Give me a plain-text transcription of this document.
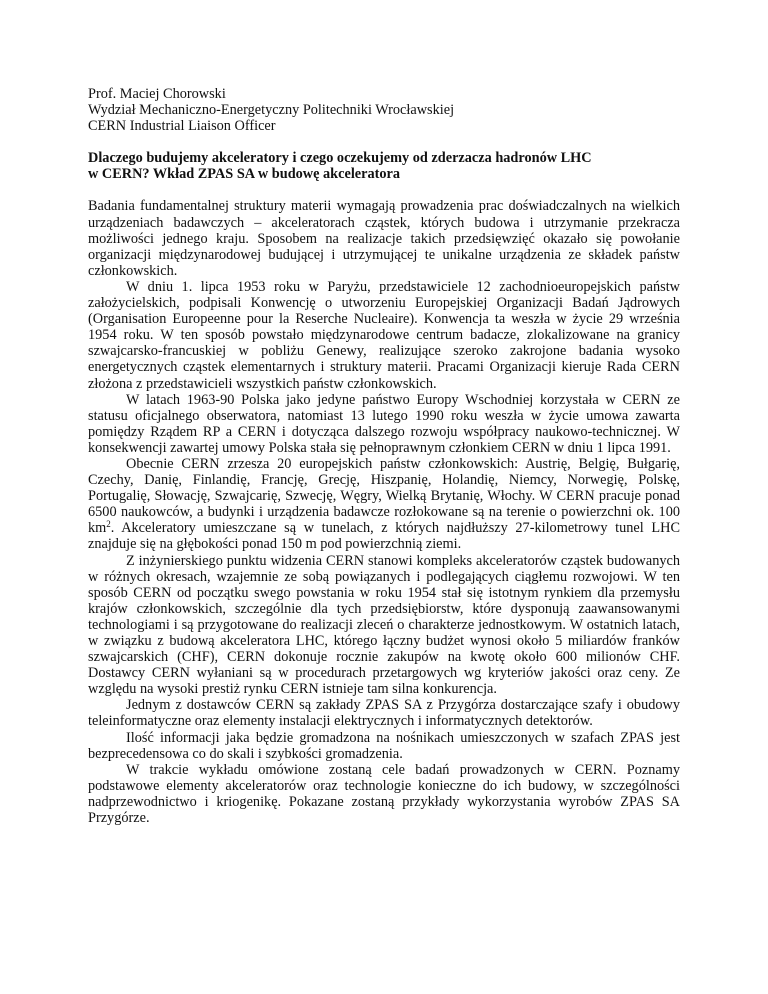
Prof. Maciej Chorowski

Wydział Mechaniczno-Energetyczny Politechniki Wrocławskiej

CERN Industrial Liaison Officer

Dlaczego budujemy akceleratory i czego oczekujemy od zderzacza hadronów LHC

w CERN? Wkład ZPAS SA w budowę akceleratora

Badania fundamentalnej struktury materii wymagają prowadzenia prac doświadczalnych na wielkich urządzeniach badawczych – akceleratorach cząstek, których budowa i utrzymanie przekracza możliwości jednego kraju. Sposobem na realizacje takich przedsięwzięć okazało się powołanie organizacji międzynarodowej budującej i utrzymującej te unikalne urządzenia ze składek państw członkowskich.

W dniu 1. lipca 1953 roku w Paryżu, przedstawiciele 12 zachodnioeuropejskich państw założycielskich, podpisali Konwencję o utworzeniu Europejskiej Organizacji Badań Jądrowych (Organisation Europeenne pour la Reserche Nucleaire). Konwencja ta weszła w życie 29 września 1954 roku. W ten sposób powstało międzynarodowe centrum badacze, zlokalizowane na granicy szwajcarsko-francuskiej w pobliżu Genewy, realizujące szeroko zakrojone badania wysoko energetycznych cząstek elementarnych i struktury materii. Pracami Organizacji kieruje Rada CERN złożona z przedstawicieli wszystkich państw członkowskich.

W latach 1963-90 Polska jako jedyne państwo Europy Wschodniej korzystała w CERN ze statusu oficjalnego obserwatora, natomiast 13 lutego 1990 roku weszła w życie umowa zawarta pomiędzy Rządem RP a CERN i dotycząca dalszego rozwoju współpracy naukowo-technicznej. W konsekwencji zawartej umowy Polska stała się pełnoprawnym członkiem CERN w dniu 1 lipca 1991.

Obecnie CERN zrzesza 20 europejskich państw członkowskich: Austrię, Belgię, Bułgarię, Czechy, Danię, Finlandię, Francję, Grecję, Hiszpanię, Holandię, Niemcy, Norwegię, Polskę, Portugalię, Słowację, Szwajcarię, Szwecję, Węgry, Wielką Brytanię, Włochy. W CERN pracuje ponad 6500 naukowców, a budynki i urządzenia badawcze rozłokowane są na terenie o powierzchni ok. 100 $km^2$. Akceleratory umieszczane są w tunelach, z których najdłuższy 27-kilometrowy tunel LHC znajduje się na głębokości ponad 150 m pod powierzchnią ziemi.

Z inżynierskiego punktu widzenia CERN stanowi kompleks akceleratorów cząstek budowanych w różnych okresach, wzajemnie ze sobą powiązanych i podlegających ciągłemu rozwojowi. W ten sposób CERN od początku swego powstania w roku 1954 stał się istotnym rynkiem dla przemysłu krajów członkowskich, szczególnie dla tych przedsiębiorstw, które dysponują zaawansowanymi technologiami i są przygotowane do realizacji zleceń o charakterze jednostkowym. W ostatnich latach, w związku z budową akceleratora LHC, którego łączny budżet wynosi około 5 miliardów franków szwajcarskich (CHF), CERN dokonuje rocznie zakupów na kwotę około 600 milionów CHF. Dostawcy CERN wyłaniani są w procedurach przetargowych wg kryteriów jakości oraz ceny. Ze względu na wysoki prestiż rynku CERN istnieje tam silna konkurencja.

Jednym z dostawców CERN są zakłady ZPAS SA z Przygórza dostarczające szafy i obudowy teleinformatyczne oraz elementy instalacji elektrycznych i informatycznych detektorów.

Ilość informacji jaka będzie gromadzona na nośnikach umieszczonych w szafach ZPAS jest bezprecedensowa co do skali i szybkości gromadzenia.

W trakcie wykładu omówione zostaną cele badań prowadzonych w CERN. Poznamy podstawowe elementy akceleratorów oraz technologie konieczne do ich budowy, w szczególności nadprzewodnictwo i kriogenikę. Pokazane zostaną przykłady wykorzystania wyrobów ZPAS SA Przygórze.
